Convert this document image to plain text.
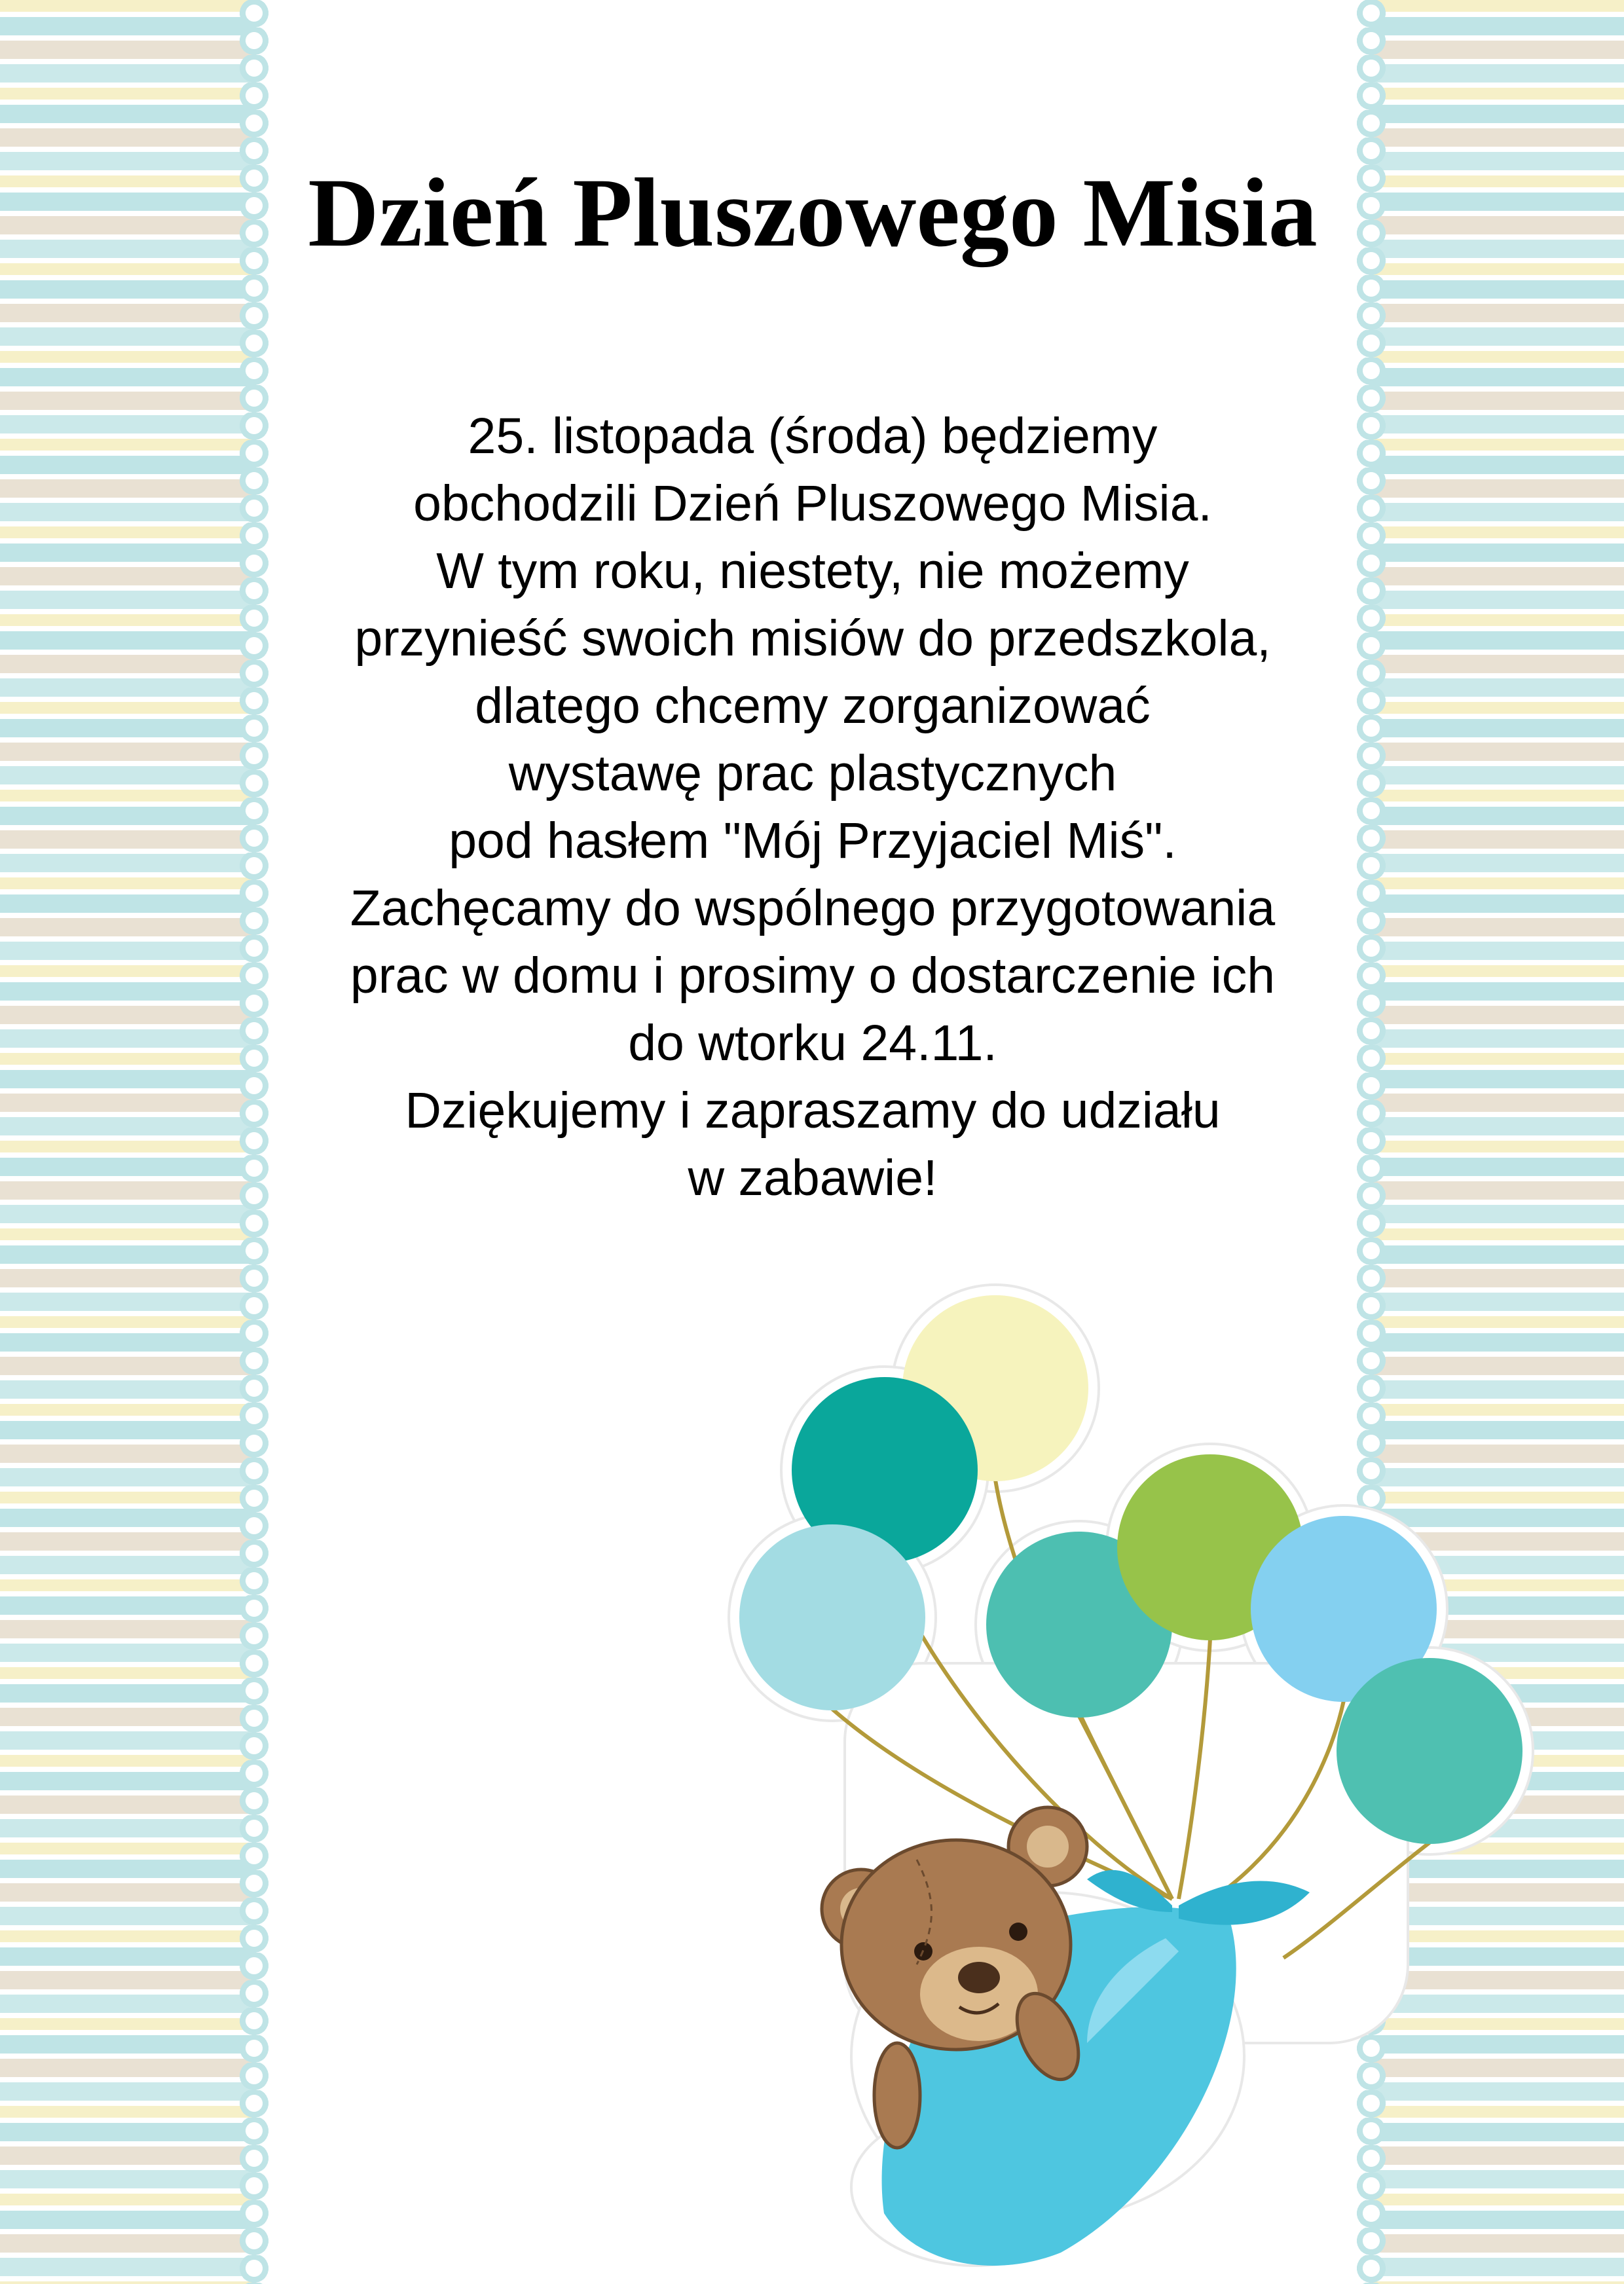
Dzień Pluszowego Misia
25. listopada (środa) będziemy
obchodzili Dzień Pluszowego Misia.
W tym roku, niestety, nie możemy
przynieść swoich misiów do przedszkola,
dlatego chcemy zorganizować
wystawę prac plastycznych
pod hasłem "Mój Przyjaciel Miś".
Zachęcamy do wspólnego przygotowania
prac w domu i prosimy o dostarczenie ich
do wtorku 24.11.
Dziękujemy i zapraszamy do udziału
w zabawie!
